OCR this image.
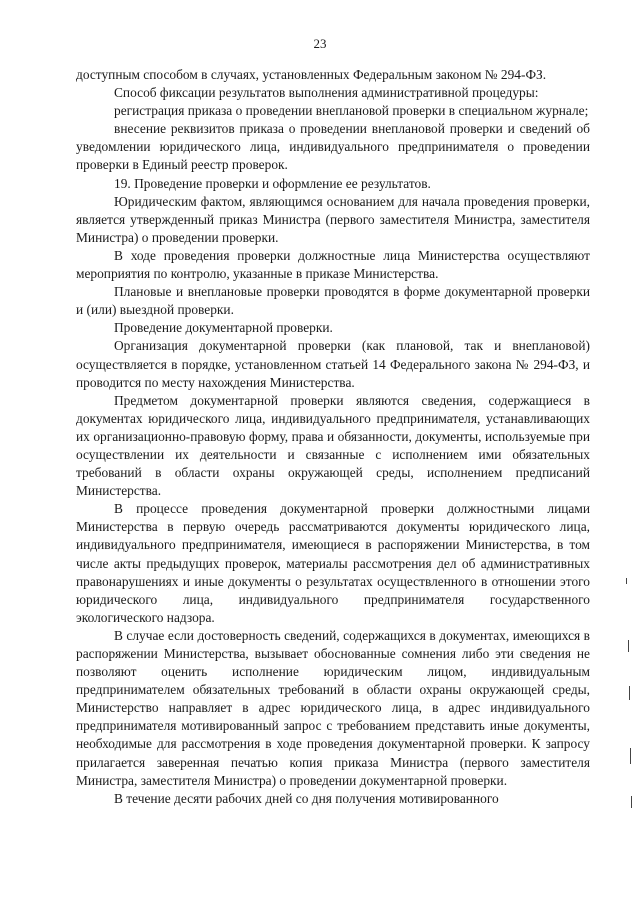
23

доступным способом в случаях, установленных Федеральным законом № 294-ФЗ.

Способ фиксации результатов выполнения административной процедуры:

регистрация приказа о проведении внеплановой проверки в специальном журнале;

внесение реквизитов приказа о проведении внеплановой проверки и сведений об уведомлении юридического лица, индивидуального предпринимателя о проведении проверки в Единый реестр проверок.

19. Проведение проверки и оформление ее результатов.

Юридическим фактом, являющимся основанием для начала проведения проверки, является утвержденный приказ Министра (первого заместителя Министра, заместителя Министра) о проведении проверки.

В ходе проведения проверки должностные лица Министерства осуществляют мероприятия по контролю, указанные в приказе Министерства.

Плановые и внеплановые проверки проводятся в форме документарной проверки и (или) выездной проверки.

Проведение документарной проверки.

Организация документарной проверки (как плановой, так и внеплановой) осуществляется в порядке, установленном статьей 14 Федерального закона № 294-ФЗ, и проводится по месту нахождения Министерства.

Предметом документарной проверки являются сведения, содержащиеся в документах юридического лица, индивидуального предпринимателя, устанавливающих их организационно-правовую форму, права и обязанности, документы, используемые при осуществлении их деятельности и связанные с исполнением ими обязательных требований в области охраны окружающей среды, исполнением предписаний Министерства.

В процессе проведения документарной проверки должностными лицами Министерства в первую очередь рассматриваются документы юридического лица, индивидуального предпринимателя, имеющиеся в распоряжении Министерства, в том числе акты предыдущих проверок, материалы рассмотрения дел об административных правонарушениях и иные документы о результатах осуществленного в отношении этого юридического лица, индивидуального предпринимателя государственного экологического надзора.

В случае если достоверность сведений, содержащихся в документах, имеющихся в распоряжении Министерства, вызывает обоснованные сомнения либо эти сведения не позволяют оценить исполнение юридическим лицом, индивидуальным предпринимателем обязательных требований в области охраны окружающей среды, Министерство направляет в адрес юридического лица, в адрес индивидуального предпринимателя мотивированный запрос с требованием представить иные документы, необходимые для рассмотрения в ходе проведения документарной проверки. К запросу прилагается заверенная печатью копия приказа Министра (первого заместителя Министра, заместителя Министра) о проведении документарной проверки.

В течение десяти рабочих дней со дня получения мотивированного
